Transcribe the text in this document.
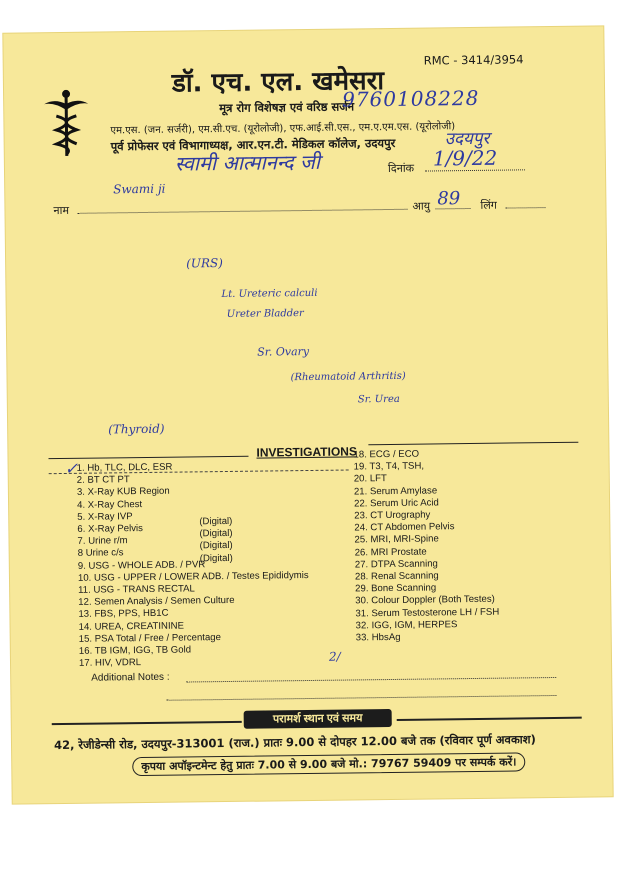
RMC - 3414/3954
डॉ. एच. एल. खमेसरा
मूत्र रोग विशेषज्ञ एवं वरिष्ठ सर्जन
9760108228
एम.एस. (जन. सर्जरी), एम.सी.एच. (यूरोलोजी), एफ.आई.सी.एस., एम.ए.एम.एस. (यूरोलोजी)
पूर्व प्रोफेसर एवं विभागाध्यक्ष, आर.एन.टी. मेडिकल कॉलेज, उदयपुर	उदयपुर
स्वामी आत्मानन्द जी	दिनांक 1/9/22
Swami ji
नाम	आयु 89 लिंग
(URS)
Lt. Ureteric calculi
Ureter Bladder
Sr. Ovary
(Rheumatoid Arthritis)
Sr. Urea
(Thyroid)
INVESTIGATIONS
1. Hb, TLC, DLC, ESR
2. BT CT PT
3. X-Ray KUB Region
4. X-Ray Chest
5. X-Ray IVP
6. X-Ray Pelvis
7. Urine r/m
8 Urine c/s
9. USG - WHOLE ADB. / PVR
10. USG - UPPER / LOWER ADB. / Testes Epididymis
11. USG - TRANS RECTAL
12. Semen Analysis / Semen Culture
13. FBS, PPS, HB1C
14. UREA, CREATININE
15. PSA Total / Free / Percentage
16. TB IGM, IGG, TB Gold
17. HIV, VDRL
(Digital)
(Digital)
(Digital)
(Digital)
18. ECG / ECO
19. T3, T4, TSH,
20. LFT
21. Serum Amylase
22. Serum Uric Acid
23. CT Urography
24. CT Abdomen Pelvis
25. MRI, MRI-Spine
26. MRI Prostate
27. DTPA Scanning
28. Renal Scanning
29. Bone Scanning
30. Colour Doppler (Both Testes)
31. Serum Testosterone LH / FSH
32. IGG, IGM, HERPES
33. HbsAg
✓
2/
Additional Notes :
परामर्श स्थान एवं समय
42, रेजीडेन्सी रोड, उदयपुर-313001 (राज.) प्रातः 9.00 से दोपहर 12.00 बजे तक (रविवार पूर्ण अवकाश)
कृपया अपॉइन्टमेन्ट हेतु प्रातः 7.00 से 9.00 बजे मो.: 79767 59409 पर सम्पर्क करें।
